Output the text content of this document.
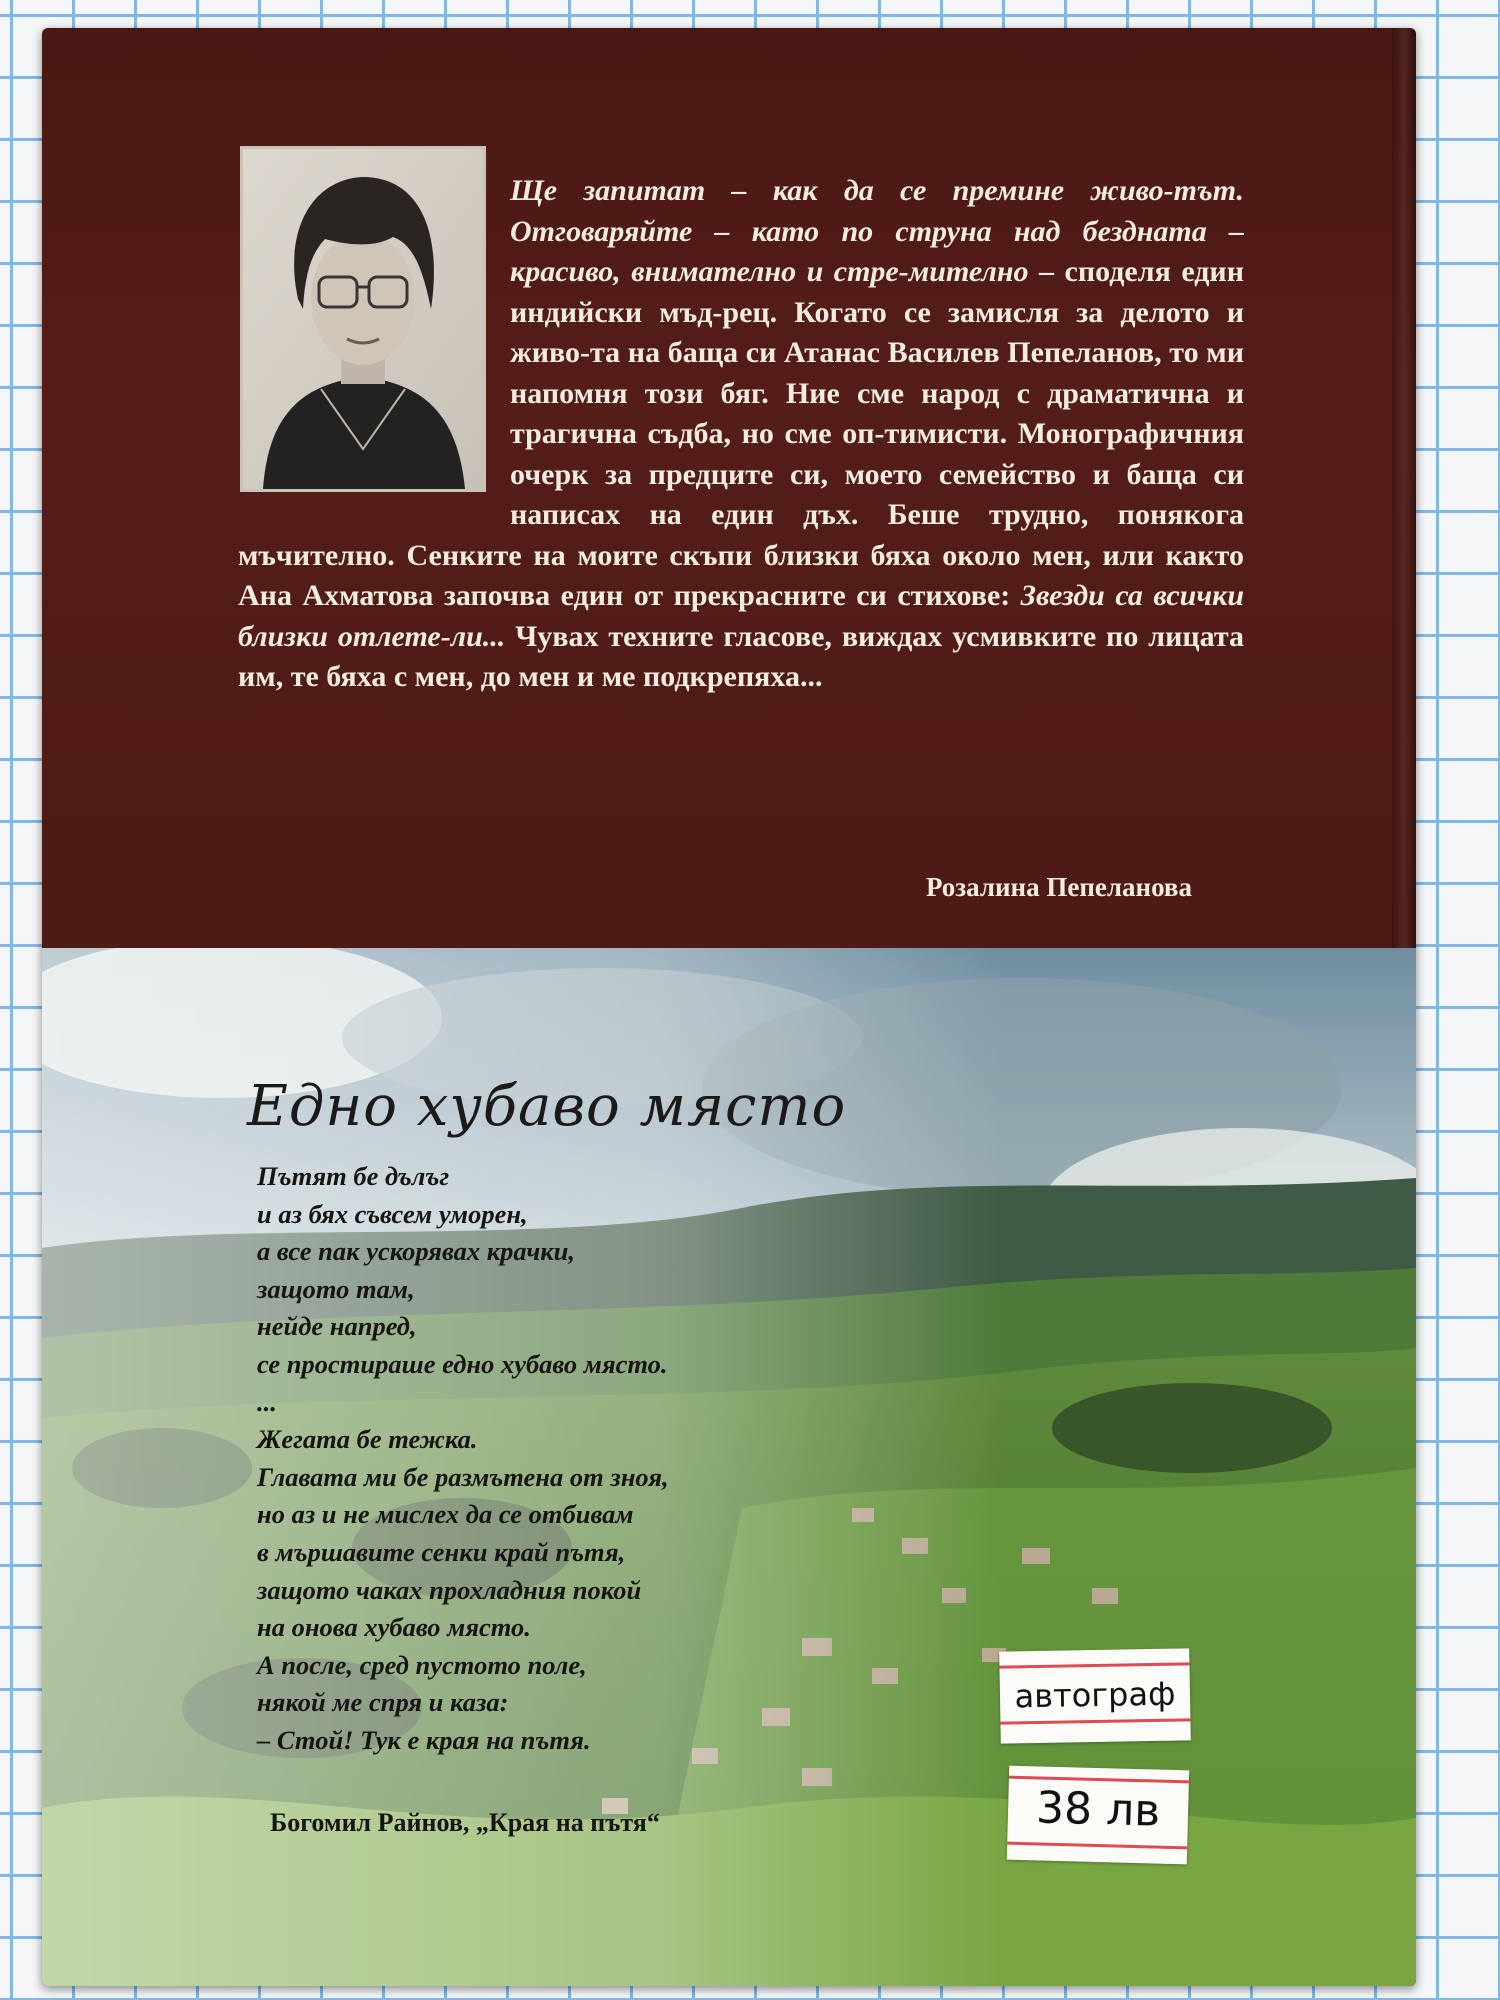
Ще запитат – как да се премине живо-тът. Отговаряйте – като по струна над бездната – красиво, внимателно и стре-мително – споделя един индийски мъд-рец. Когато се замисля за делото и живо-та на баща си Атанас Василев Пепеланов, то ми напомня този бяг. Ние сме народ с драматична и трагична съдба, но сме оп-тимисти. Монографичния очерк за предците си, моето семейство и баща си написах на един дъх. Беше трудно, понякога мъчително. Сенките на моите скъпи близки бяха около мен, или както Ана Ахматова започва един от прекрасните си стихове: Звезди са всички близки отлете-ли... Чувах техните гласове, виждах усмивките по лицата им, те бяха с мен, до мен и ме подкрепяха...
Розалина Пепеланова
Едно хубаво място
Пътят бе дълъг
и аз бях съвсем уморен,
а все пак ускорявах крачки,
защото там,
нейде напред,
се простираше едно хубаво място.
...
Жегата бе тежка.
Главата ми бе размътена от зноя,
но аз и не мислех да се отбивам
в мършавите сенки край пътя,
защото чаках прохладния покой
на онова хубаво място.
А после, сред пустото поле,
някой ме спря и каза:
– Стой! Тук е края на пътя.
Богомил Райнов, „Края на пътя“
автограф
38 лв
